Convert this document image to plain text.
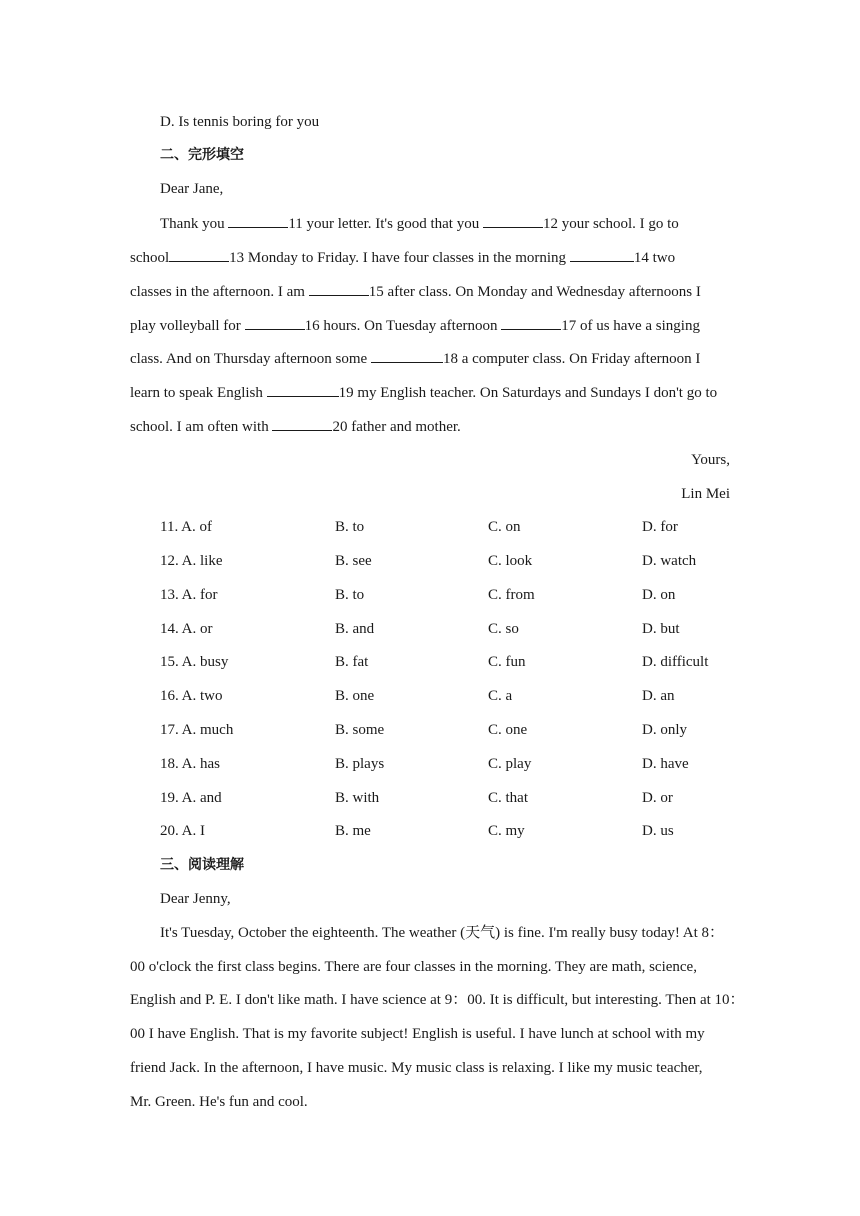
D. Is tennis boring for you
二、完形填空
Dear Jane,
Thank you	11 your letter. It's good that you	12 your school. I go to
school	13 Monday to Friday. I have four classes in the morning	14 two
classes in the afternoon. I am	15 after class. On Monday and Wednesday afternoons I
play volleyball for	16 hours. On Tuesday afternoon	17 of us have a singing
class. And on Thursday afternoon some	18 a computer class. On Friday afternoon I
learn to speak English	19 my English teacher. On Saturdays and Sundays I don't go to
school. I am often with	20 father and mother.
Yours,
Lin Mei
11. A. of	B. to	C. on	D. for
12. A. like	B. see	C. look	D. watch
13. A. for	B. to	C. from	D. on
14. A. or	B. and	C. so	D. but
15. A. busy	B. fat	C. fun	D. difficult
16. A. two	B. one	C. a	D. an
17. A. much	B. some	C. one	D. only
18. A. has	B. plays	C. play	D. have
19. A. and	B. with	C. that	D. or
20. A. I	B. me	C. my	D. us
三、阅读理解
Dear Jenny,
It's Tuesday, October the eighteenth. The weather (天气) is fine. I'm really busy today! At 8：
00 o'clock the first class begins. There are four classes in the morning. They are math, science,
English and P. E. I don't like math. I have science at 9：00. It is difficult, but interesting. Then at 10：
00 I have English. That is my favorite subject! English is useful. I have lunch at school with my
friend Jack. In the afternoon, I have music. My music class is relaxing. I like my music teacher,
Mr. Green. He's fun and cool.
